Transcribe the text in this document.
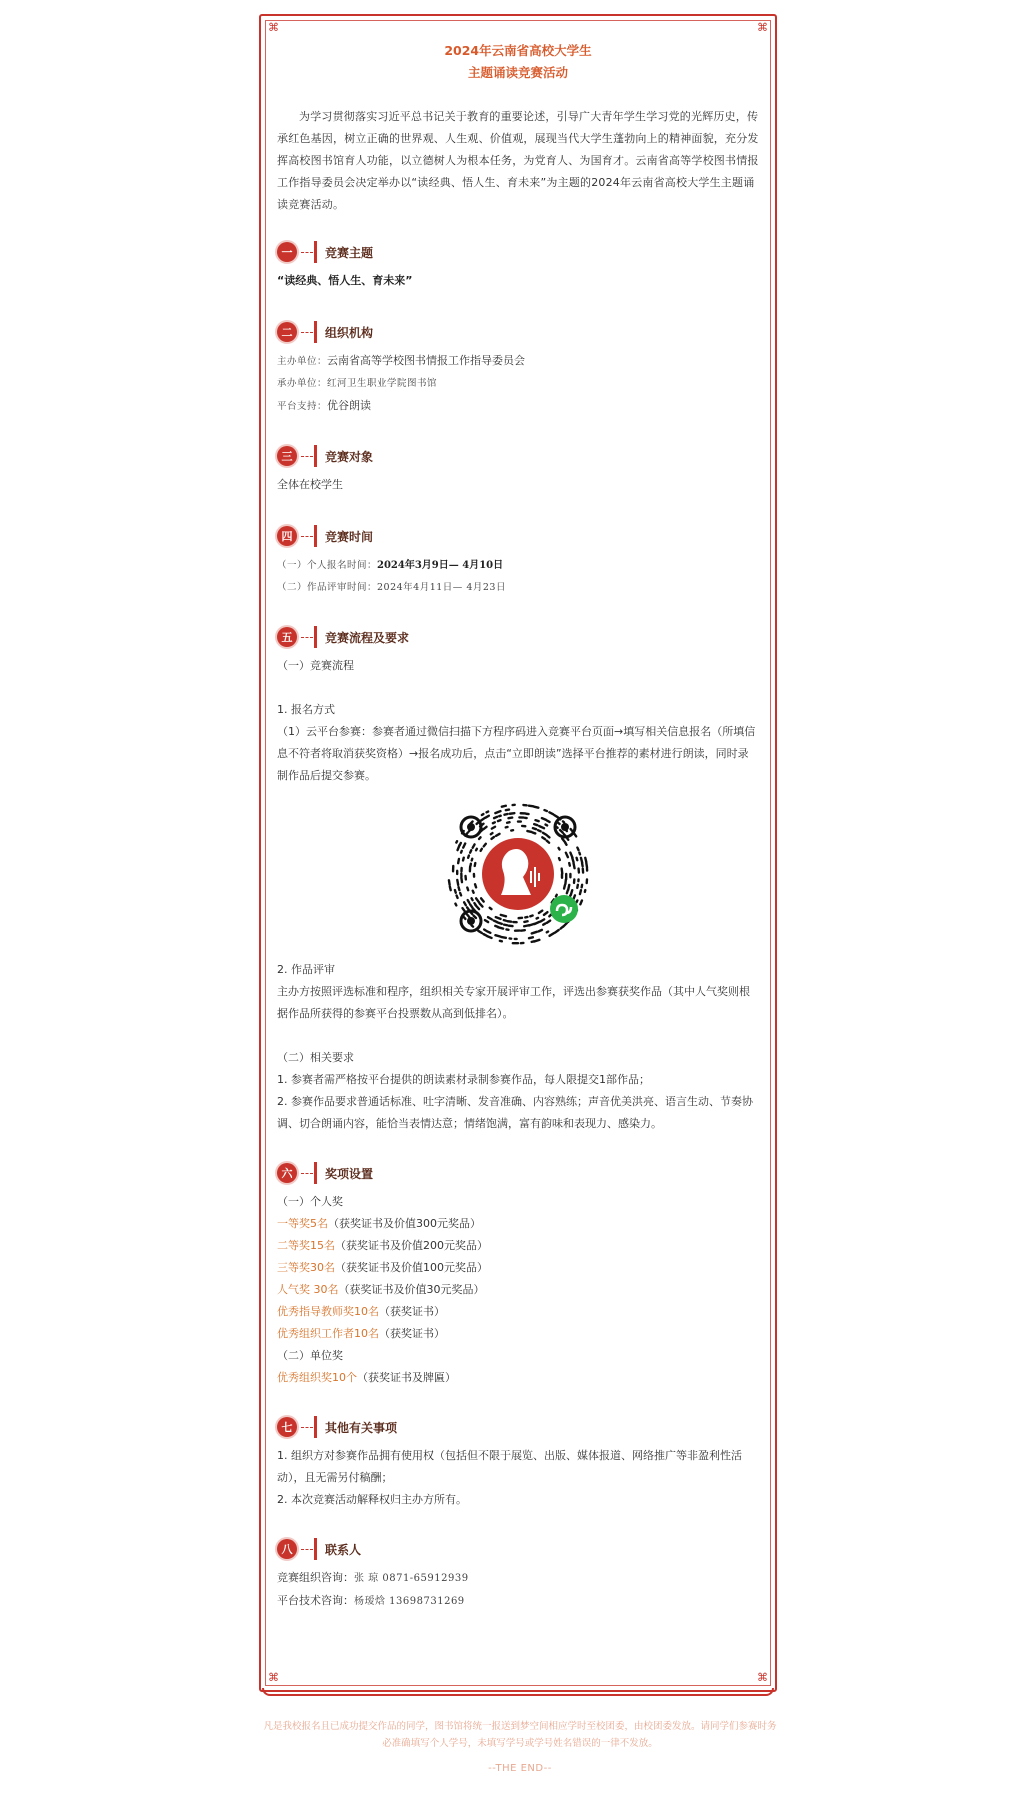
⌘	⌘
⌘	⌘
2024年云南省高校大学生
主题诵读竞赛活动
为学习贯彻落实习近平总书记关于教育的重要论述，引导广大青年学生学习党的光辉历史，传承红色基因，树立正确的世界观、人生观、价值观，展现当代大学生蓬勃向上的精神面貌，充分发挥高校图书馆育人功能，以立德树人为根本任务，为党育人、为国育才。云南省高等学校图书情报工作指导委员会决定举办以“读经典、悟人生、育未来”为主题的2024年云南省高校大学生主题诵读竞赛活动。
一	竞赛主题
“读经典、悟人生、育未来”
二	组织机构
主办单位：云南省高等学校图书情报工作指导委员会
承办单位：红河卫生职业学院图书馆
平台支持：优谷朗读
三	竞赛对象
全体在校学生
四	竞赛时间
（一）个人报名时间：2024年3月9日— 4月10日
（二）作品评审时间：2024年4月11日— 4月23日
五	竞赛流程及要求
（一）竞赛流程
1. 报名方式
（1）云平台参赛：参赛者通过微信扫描下方程序码进入竞赛平台页面→填写相关信息报名（所填信息不符者将取消获奖资格）→报名成功后，点击“立即朗读”选择平台推荐的素材进行朗读，同时录制作品后提交参赛。
2. 作品评审
主办方按照评选标准和程序，组织相关专家开展评审工作，评选出参赛获奖作品（其中人气奖则根据作品所获得的参赛平台投票数从高到低排名）。
（二）相关要求
1. 参赛者需严格按平台提供的朗读素材录制参赛作品，每人限提交1部作品；
2. 参赛作品要求普通话标准、吐字清晰、发音准确、内容熟练；声音优美洪亮、语言生动、节奏协调、切合朗诵内容，能恰当表情达意；情绪饱满，富有韵味和表现力、感染力。
六	奖项设置
（一）个人奖
一等奖5名（获奖证书及价值300元奖品）
二等奖15名（获奖证书及价值200元奖品）
三等奖30名（获奖证书及价值100元奖品）
人气奖 30名（获奖证书及价值30元奖品）
优秀指导教师奖10名（获奖证书）
优秀组织工作者10名（获奖证书）
（二）单位奖
优秀组织奖10个（获奖证书及牌匾）
七	其他有关事项
1. 组织方对参赛作品拥有使用权（包括但不限于展览、出版、媒体报道、网络推广等非盈利性活动），且无需另付稿酬；
2. 本次竞赛活动解释权归主办方所有。
八	联系人
竞赛组织咨询：张 琼 0871-65912939
平台技术咨询：杨瑷焓 13698731269
凡是我校报名且已成功提交作品的同学，图书馆将统一报送到梦空间相应学时至校团委，由校团委发放。请同学们参赛时务必准确填写个人学号，未填写学号或学号姓名错误的一律不发放。
--THE END--
